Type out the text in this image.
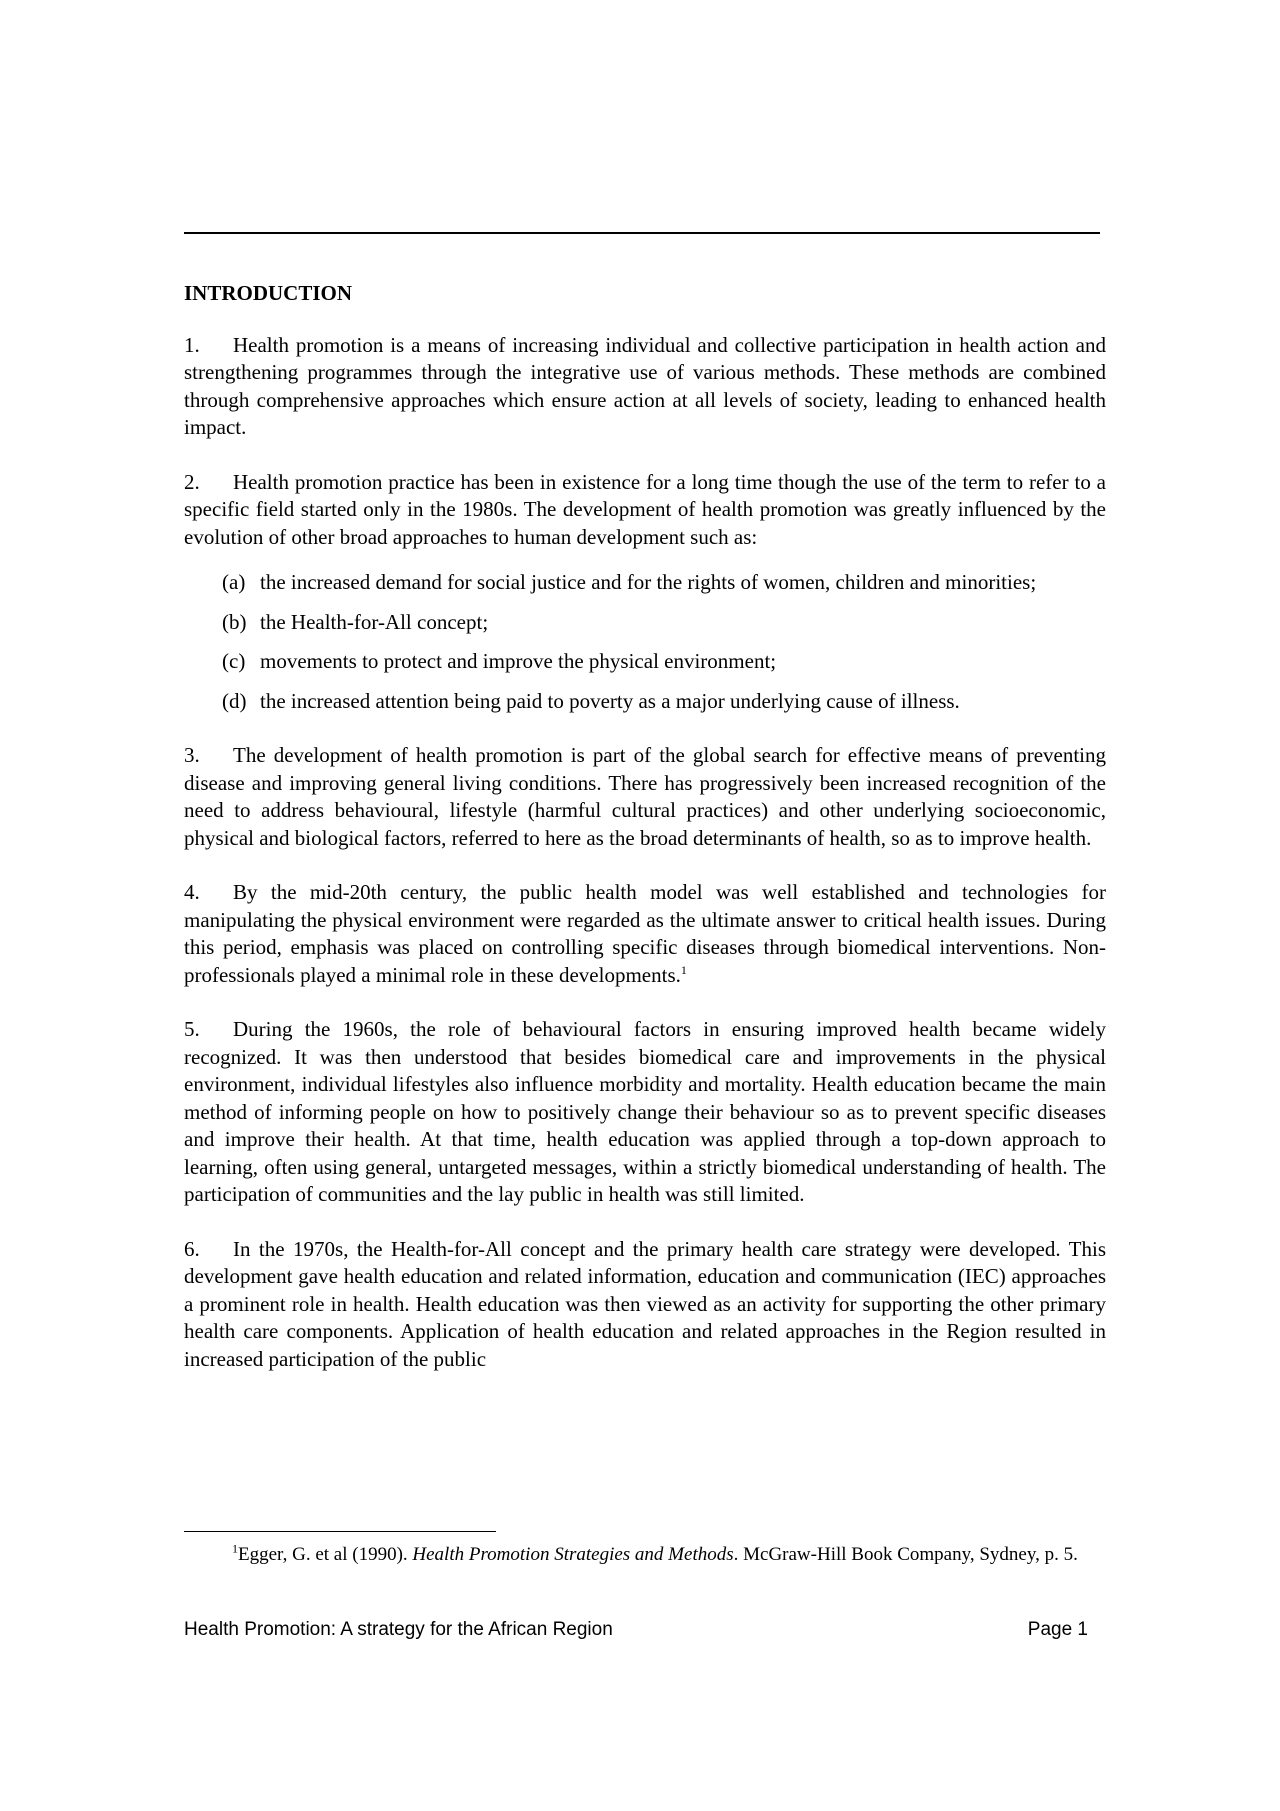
INTRODUCTION
1. Health promotion is a means of increasing individual and collective participation in health action and strengthening programmes through the integrative use of various methods. These methods are combined through comprehensive approaches which ensure action at all levels of society, leading to enhanced health impact.
2. Health promotion practice has been in existence for a long time though the use of the term to refer to a specific field started only in the 1980s. The development of health promotion was greatly influenced by the evolution of other broad approaches to human development such as:
(a) the increased demand for social justice and for the rights of women, children and minorities;
(b) the Health-for-All concept;
(c) movements to protect and improve the physical environment;
(d) the increased attention being paid to poverty as a major underlying cause of illness.
3. The development of health promotion is part of the global search for effective means of preventing disease and improving general living conditions. There has progressively been increased recognition of the need to address behavioural, lifestyle (harmful cultural practices) and other underlying socioeconomic, physical and biological factors, referred to here as the broad determinants of health, so as to improve health.
4. By the mid-20th century, the public health model was well established and technologies for manipulating the physical environment were regarded as the ultimate answer to critical health issues. During this period, emphasis was placed on controlling specific diseases through biomedical interventions. Non-professionals played a minimal role in these developments.$^1$
5. During the 1960s, the role of behavioural factors in ensuring improved health became widely recognized. It was then understood that besides biomedical care and improvements in the physical environment, individual lifestyles also influence morbidity and mortality. Health education became the main method of informing people on how to positively change their behaviour so as to prevent specific diseases and improve their health. At that time, health education was applied through a top-down approach to learning, often using general, untargeted messages, within a strictly biomedical understanding of health. The participation of communities and the lay public in health was still limited.
6. In the 1970s, the Health-for-All concept and the primary health care strategy were developed. This development gave health education and related information, education and communication (IEC) approaches a prominent role in health. Health education was then viewed as an activity for supporting the other primary health care components. Application of health education and related approaches in the Region resulted in increased participation of the public
$^1$Egger, G. et al (1990). Health Promotion Strategies and Methods. McGraw-Hill Book Company, Sydney, p. 5.
Health Promotion: A strategy for the African Region	Page 1
